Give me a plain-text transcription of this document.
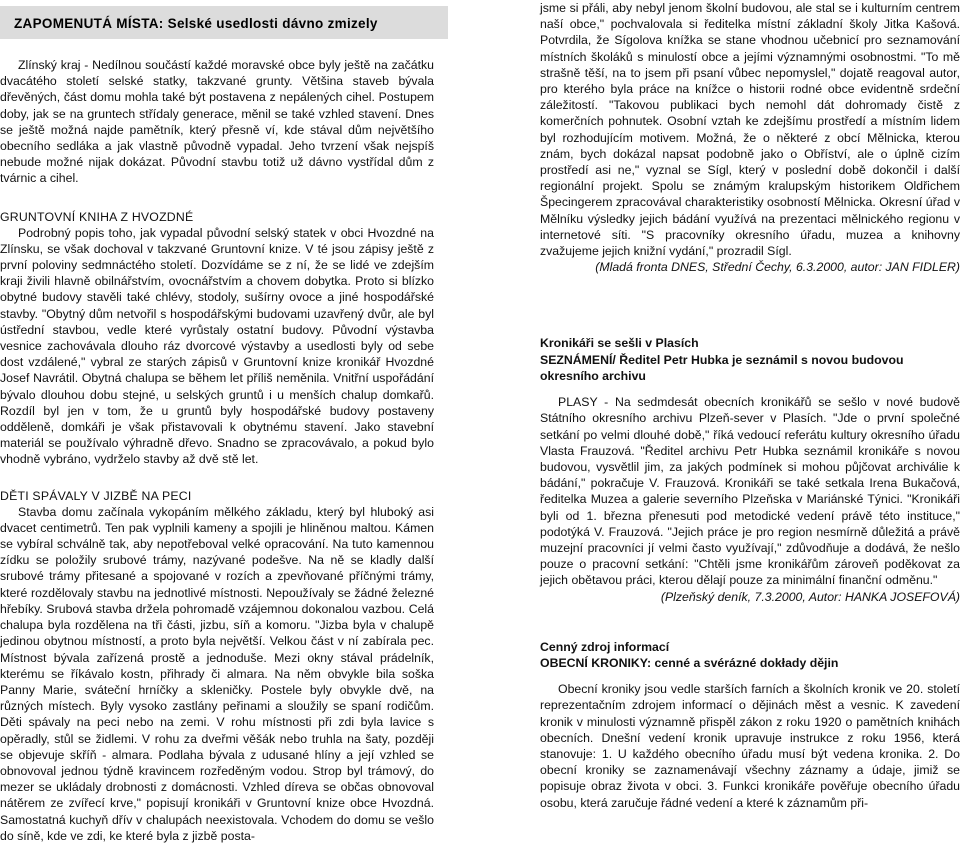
ZAPOMENUTÁ MÍSTA: Selské usedlosti dávno zmizely

Zlínský kraj - Nedílnou součástí každé moravské obce byly ještě na začátku dvacátého století selské statky, takzvané grunty. Většina staveb bývala dřevěných, část domu mohla také být postavena z nepálených cihel. Postupem doby, jak se na gruntech střídaly generace, měnil se také vzhled stavení. Dnes se ještě možná najde pamětník, který přesně ví, kde stával dům největšího obecního sedláka a jak vlastně původně vypadal. Jeho tvrzení však nejspíš nebude možné nijak dokázat. Původní stavbu totiž už dávno vystřídal dům z tvárnic a cihel.

GRUNTOVNÍ KNIHA Z HVOZDNÉ

Podrobný popis toho, jak vypadal původní selský statek v obci Hvozdné na Zlínsku, se však dochoval v takzvané Gruntovní knize. V té jsou zápisy ještě z první poloviny sedmnáctého století. Dozvídáme se z ní, že se lidé ve zdejším kraji živili hlavně obilnářstvím, ovocnářstvím a chovem dobytka. Proto si blízko obytné budovy stavěli také chlévy, stodoly, sušírny ovoce a jiné hospodářské stavby. "Obytný dům netvořil s hospodářskými budovami uzavřený dvůr, ale byl ústřední stavbou, vedle které vyrůstaly ostatní budovy. Původní výstavba vesnice zachovávala dlouho ráz dvorcové výstavby a usedlosti byly od sebe dost vzdálené," vybral ze starých zápisů v Gruntovní knize kronikář Hvozdné Josef Navrátil. Obytná chalupa se během let příliš neměnila. Vnitřní uspořádání bývalo dlouhou dobu stejné, u selských gruntů i u menších chalup domkařů. Rozdíl byl jen v tom, že u gruntů byly hospodářské budovy postaveny odděleně, domkáři je však přistavovali k obytnému stavení. Jako stavební materiál se používalo výhradně dřevo. Snadno se zpracovávalo, a pokud bylo vhodně vybráno, vydrželo stavby až dvě stě let.

DĚTI SPÁVALY V JIZBĚ NA PECI

Stavba domu začínala vykopáním mělkého základu, který byl hluboký asi dvacet centimetrů. Ten pak vyplnili kameny a spojili je hliněnou maltou. Kámen se vybíral schválně tak, aby nepotřeboval velké opracování. Na tuto kamennou zídku se položily srubové trámy, nazývané podešve. Na ně se kladly další srubové trámy přitesané a spojované v rozích a zpevňované příčnými trámy, které rozdělovaly stavbu na jednotlivé místnosti. Nepoužívaly se žádné železné hřebíky. Srubová stavba držela pohromadě vzájemnou dokonalou vazbou. Celá chalupa byla rozdělena na tři části, jizbu, síň a komoru. "Jizba byla v chalupě jedinou obytnou místností, a proto byla největší. Velkou část v ní zabírala pec. Místnost bývala zařízená prostě a jednoduše. Mezi okny stával prádelník, kterému se říkávalo kostn, přihrady či almara. Na něm obvykle bila soška Panny Marie, sváteční hrníčky a skleničky. Postele byly obvykle dvě, na různých místech. Byly vysoko zastlány peřinami a sloužily se spaní rodičům. Děti spávaly na peci nebo na zemi. V rohu místnosti při zdi byla lavice s opěradly, stůl se židlemi. V rohu za dveřmi věšák nebo truhla na šaty, později se objevuje skříň - almara. Podlaha bývala z udusané hlíny a její vzhled se obnovoval jednou týdně kravincem rozředěným vodou. Strop byl trámový, do mezer se ukládaly drobnosti z domácnosti. Vzhled díreva se občas obnovoval nátěrem ze zvířecí krve," popisují kronikáři v Gruntovní knize obce Hvozdná. Samostatná kuchyň dřív v chalupách neexistovala. Vchodem do domu se vešlo do síně, kde ve zdi, ke které byla z jizbě posta-

jsme si přáli, aby nebyl jenom školní budovou, ale stal se i kulturním centrem naší obce," pochvalovala si ředitelka místní základní školy Jitka Kašová. Potvrdila, že Sígolova knížka se stane vhodnou učebnicí pro seznamování místních školáků s minulostí obce a jejími významnými osobnostmi. "To mě strašně těší, na to jsem při psaní vůbec nepomyslel," dojatě reagoval autor, pro kterého byla práce na knížce o historii rodné obce evidentně srdeční záležitostí. "Takovou publikaci bych nemohl dát dohromady čistě z komerčních pohnutek. Osobní vztah ke zdejšímu prostředí a místním lidem byl rozhodujícím motivem. Možná, že o některé z obcí Mělnicka, kterou znám, bych dokázal napsat podobně jako o Obříství, ale o úplně cizím prostředí asi ne," vyznal se Sígl, který v poslední době dokončil i další regionální projekt. Spolu se známým kralupským historikem Oldřichem Špecingerem zpracovával charakteristiky osobností Mělnicka. Okresní úřad v Mělníku výsledky jejich bádání využívá na prezentaci mělnického regionu v internetové síti. "S pracovníky okresního úřadu, muzea a knihovny zvažujeme jejich knižní vydání," prozradil Sígl.

(Mladá fronta DNES, Střední Čechy, 6.3.2000, autor: JAN FIDLER)
Kronikáři se sešli v Plasích
SEZNÁMENÍ/ Ředitel Petr Hubka je seznámil s novou budovou okresního archivu

PLASY - Na sedmdesát obecních kronikářů se sešlo v nové budově Státního okresního archivu Plzeň-sever v Plasích. "Jde o první společné setkání po velmi dlouhé době," říká vedoucí referátu kultury okresního úřadu Vlasta Frauzová. "Ředitel archivu Petr Hubka seznámil kronikáře s novou budovou, vysvětlil jim, za jakých podmínek si mohou půjčovat archiválie k bádání," pokračuje V. Frauzová. Kronikáři se také setkala Irena Bukačová, ředitelka Muzea a galerie severního Plzeňska v Mariánské Týnici. "Kronikáři byli od 1. března přenesuti pod metodické vedení právě této instituce," podotýká V. Frauzová. "Jejich práce je pro region nesmírně důležitá a právě muzejní pracovníci jí velmi často využívají," zdůvodňuje a dodává, že nešlo pouze o pracovní setkání: "Chtěli jsme kronikářům zároveň poděkovat za jejich obětavou práci, kterou dělají pouze za minimální finanční odměnu."

(Plzeňský deník, 7.3.2000, Autor: HANKA JOSEFOVÁ)
Cenný zdroj informací
OBECNÍ KRONIKY: cenné a svérázné dokłady dějin

Obecní kroniky jsou vedle starších farních a školních kronik ve 20. století reprezentačním zdrojem informací o dějinách měst a vesnic. K zavedení kronik v minulosti významně přispěl zákon z roku 1920 o pamětních knihách obecních. Dnešní vedení kronik upravuje instrukce z roku 1956, která stanovuje: 1. U každého obecního úřadu musí být vedena kronika. 2. Do obecní kroniky se zaznamenávají všechny záznamy a údaje, jimiž se popisuje obraz života v obci. 3. Funkci kronikáře pověřuje obecního úřadu osobu, která zaručuje řádné vedení a které k záznamům při-
